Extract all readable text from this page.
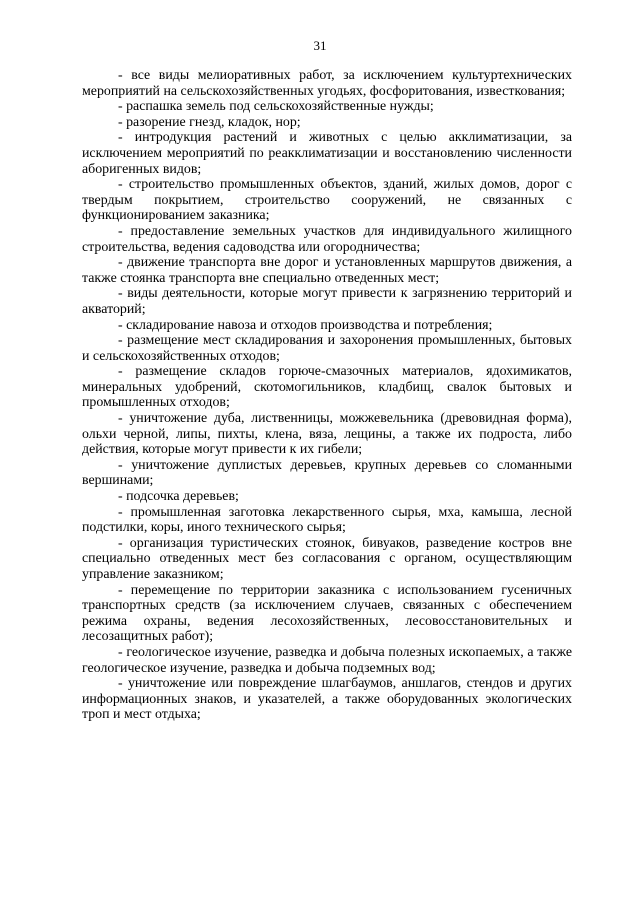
31

- все виды мелиоративных работ, за исключением культуртехнических мероприятий на сельскохозяйственных угодьях, фосфоритования, известкования;

- распашка земель под сельскохозяйственные нужды;

- разорение гнезд, кладок, нор;

- интродукция растений и животных с целью акклиматизации, за исключением мероприятий по реакклиматизации и восстановлению численности аборигенных видов;

- строительство промышленных объектов, зданий, жилых домов, дорог с твердым покрытием, строительство сооружений, не связанных с функционированием заказника;

- предоставление земельных участков для индивидуального жилищного строительства, ведения садоводства или огородничества;

- движение транспорта вне дорог и установленных маршрутов движения, а также стоянка транспорта вне специально отведенных мест;

- виды деятельности, которые могут привести к загрязнению территорий и акваторий;

- складирование навоза и отходов производства и потребления;

- размещение мест складирования и захоронения промышленных, бытовых и сельскохозяйственных отходов;

- размещение складов горюче-смазочных материалов, ядохимикатов, минеральных удобрений, скотомогильников, кладбищ, свалок бытовых и промышленных отходов;

- уничтожение дуба, лиственницы, можжевельника (древовидная форма), ольхи черной, липы, пихты, клена, вяза, лещины, а также их подроста, либо действия, которые могут привести к их гибели;

- уничтожение дуплистых деревьев, крупных деревьев со сломанными вершинами;

- подсочка деревьев;

- промышленная заготовка лекарственного сырья, мха, камыша, лесной подстилки, коры, иного технического сырья;

- организация туристических стоянок, бивуаков, разведение костров вне специально отведенных мест без согласования с органом, осуществляющим управление заказником;

- перемещение по территории заказника с использованием гусеничных транспортных средств (за исключением случаев, связанных с обеспечением режима охраны, ведения лесохозяйственных, лесовосстановительных и лесозащитных работ);

- геологическое изучение, разведка и добыча полезных ископаемых, а также геологическое изучение, разведка и добыча подземных вод;

- уничтожение или повреждение шлагбаумов, аншлагов, стендов и других информационных знаков, и указателей, а также оборудованных экологических троп и мест отдыха;
